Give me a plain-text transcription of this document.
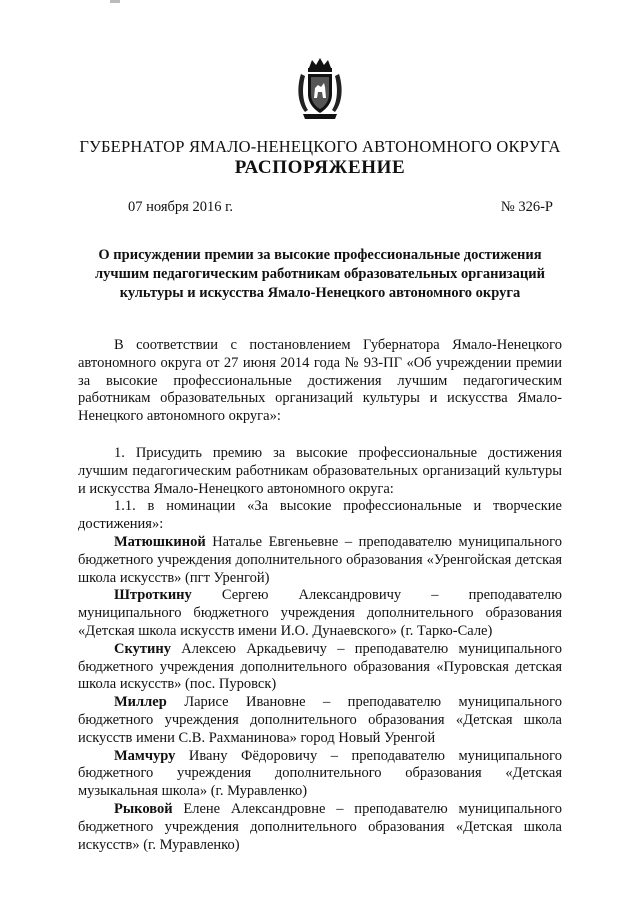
ГУБЕРНАТОР ЯМАЛО-НЕНЕЦКОГО АВТОНОМНОГО ОКРУГА
РАСПОРЯЖЕНИЕ
07 ноября 2016 г.	№ 326-Р
О присуждении премии за высокие профессиональные достижения лучшим педагогическим работникам образовательных организаций культуры и искусства Ямало-Ненецкого автономного округа

В соответствии с постановлением Губернатора Ямало-Ненецкого автономного округа от 27 июня 2014 года № 93-ПГ «Об учреждении премии за высокие профессиональные достижения лучшим педагогическим работникам образовательных организаций культуры и искусства Ямало-Ненецкого автономного округа»:

1. Присудить премию за высокие профессиональные достижения лучшим педагогическим работникам образовательных организаций культуры и искусства Ямало-Ненецкого автономного округа:

1.1. в номинации «За высокие профессиональные и творческие достижения»:

Матюшкиной Наталье Евгеньевне – преподавателю муниципального бюджетного учреждения дополнительного образования «Уренгойская детская школа искусств» (пгт Уренгой)

Штроткину Сергею Александровичу – преподавателю муниципального бюджетного учреждения дополнительного образования «Детская школа искусств имени И.О. Дунаевского» (г. Тарко-Сале)

Скутину Алексею Аркадьевичу – преподавателю муниципального бюджетного учреждения дополнительного образования «Пуровская детская школа искусств» (пос. Пуровск)

Миллер Ларисе Ивановне – преподавателю муниципального бюджетного учреждения дополнительного образования «Детская школа искусств имени С.В. Рахманинова» город Новый Уренгой

Мамчуру Ивану Фёдоровичу – преподавателю муниципального бюджетного учреждения дополнительного образования «Детская музыкальная школа» (г. Муравленко)

Рыковой Елене Александровне – преподавателю муниципального бюджетного учреждения дополнительного образования «Детская школа искусств» (г. Муравленко)
